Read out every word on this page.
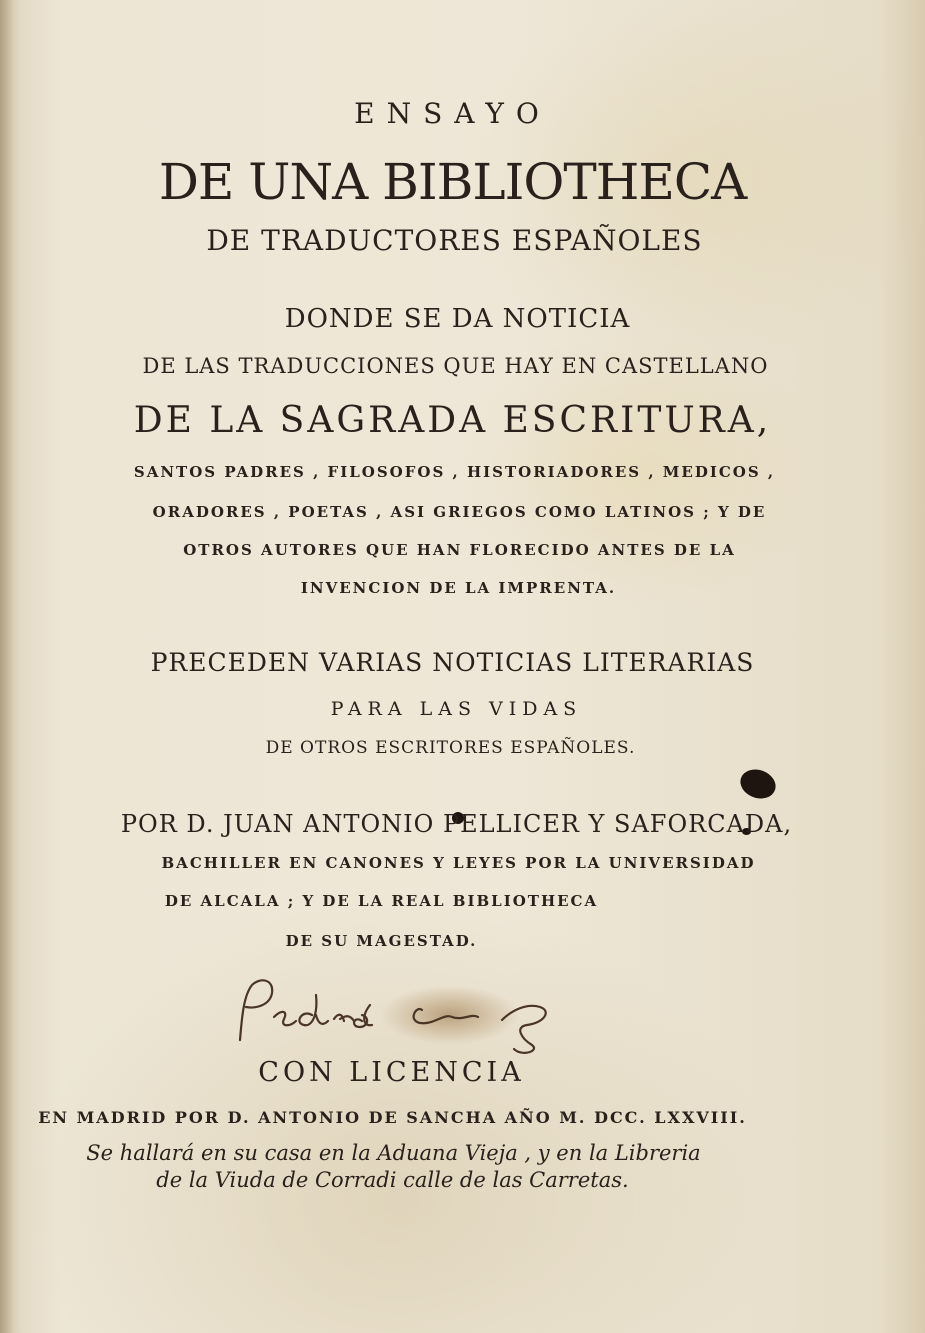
ENSAYO
DE UNA BIBLIOTHECA
DE TRADUCTORES ESPAÑOLES
DONDE SE DA NOTICIA
DE LAS TRADUCCIONES QUE HAY EN CASTELLANO
DE LA SAGRADA ESCRITURA,
SANTOS PADRES , FILOSOFOS , HISTORIADORES , MEDICOS ,
ORADORES , POETAS , ASI GRIEGOS COMO LATINOS ; Y DE
OTROS AUTORES QUE HAN FLORECIDO ANTES DE LA
INVENCION DE LA IMPRENTA.
PRECEDEN VARIAS NOTICIAS LITERARIAS
PARA LAS VIDAS
DE OTROS ESCRITORES ESPAÑOLES.
POR D. JUAN ANTONIO PELLICER Y SAFORCADA,
BACHILLER EN CANONES Y LEYES POR LA UNIVERSIDAD
DE ALCALA ; Y DE LA REAL BIBLIOTHECA
DE SU MAGESTAD.
CON LICENCIA
EN MADRID POR D. ANTONIO DE SANCHA AÑO M. DCC. LXXVIII.
Se hallará en su casa en la Aduana Vieja , y en la Libreria
de la Viuda de Corradi calle de las Carretas.
